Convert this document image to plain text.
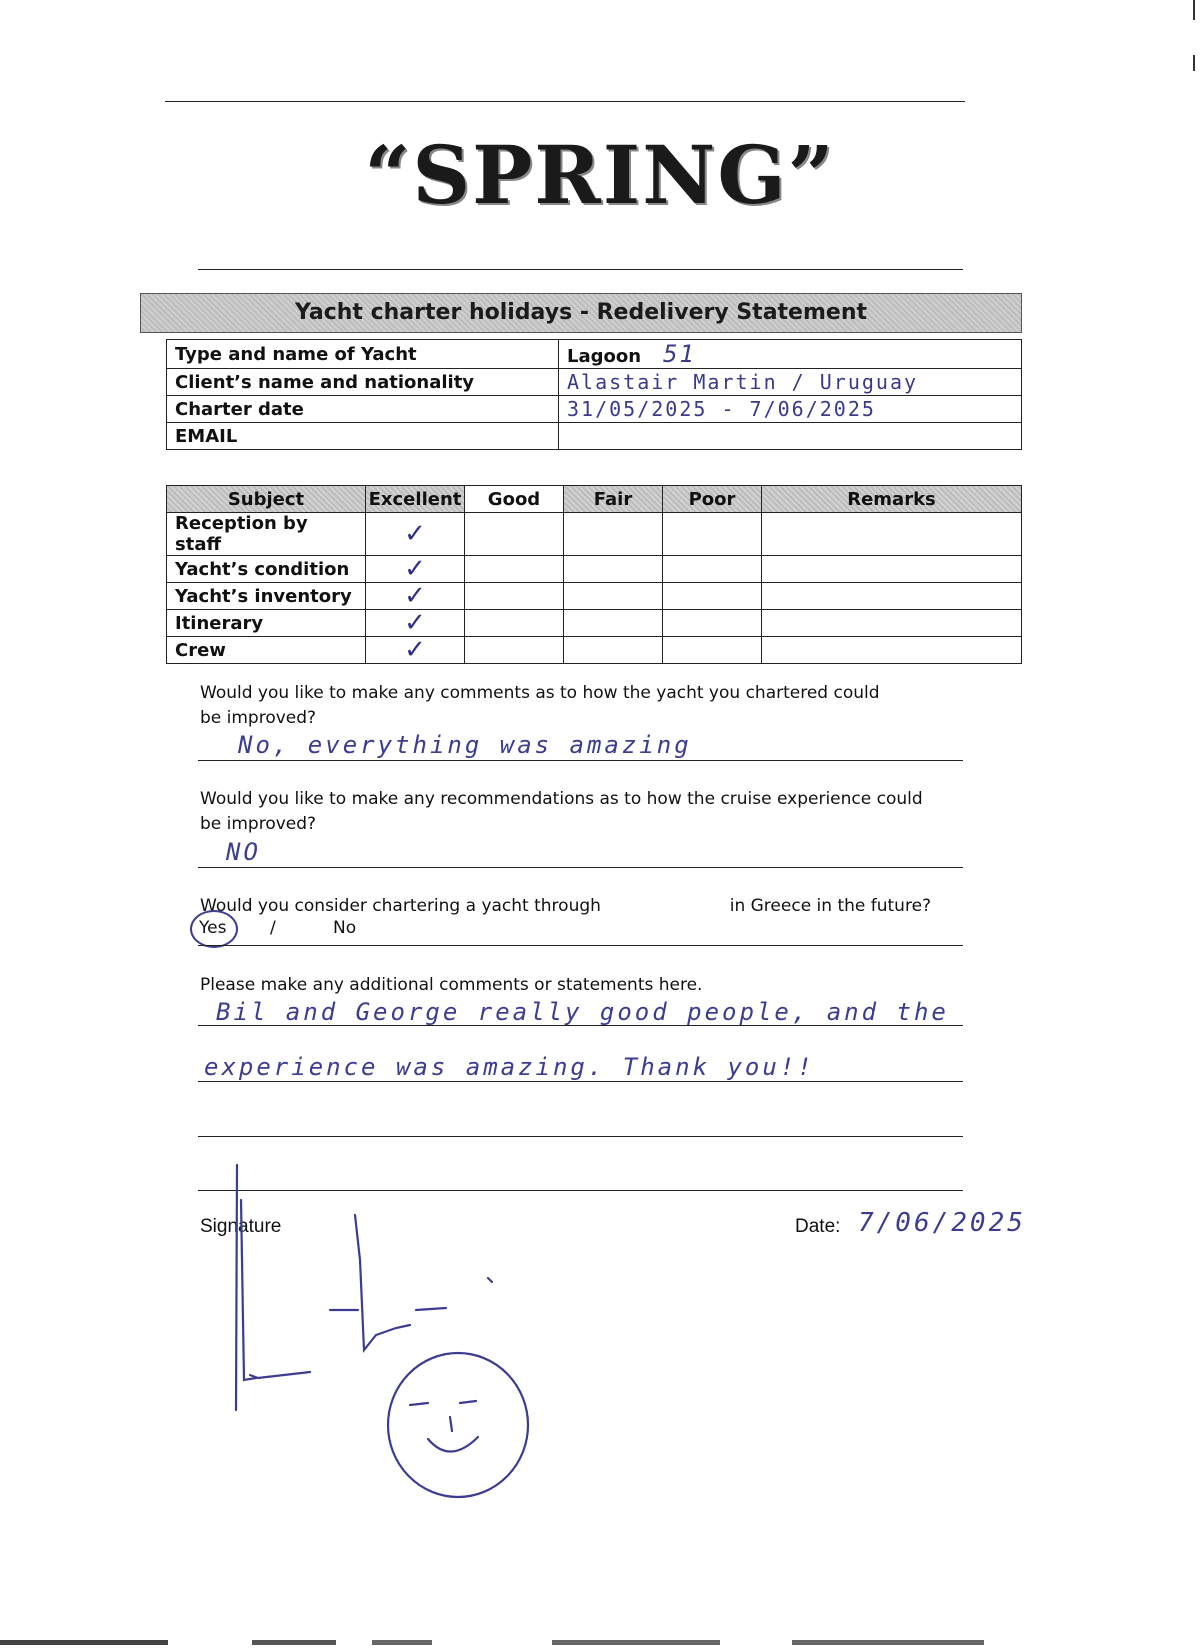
“SPRING”
Yacht charter holidays - Redelivery Statement
Type and name of Yacht	Lagoon 51
Client’s name and nationality	Alastair Martin / Uruguay
Charter date	31/05/2025 - 7/06/2025
EMAIL	
Subject	Excellent	Good	Fair	Poor	Remarks
Reception by staff	✓				
Yacht’s condition	✓				
Yacht’s inventory	✓				
Itinerary	✓				
Crew	✓				
Would you like to make any comments as to how the yacht you chartered could be improved?
No, everything was amazing
Would you like to make any recommendations as to how the cruise experience could be improved?
NO
Would you consider chartering a yacht through	in Greece in the future?
Yes	/	No
Please make any additional comments or statements here.
Bil and George really good people, and the
experience was amazing. Thank you!!
Signature	Date: 7/06/2025
